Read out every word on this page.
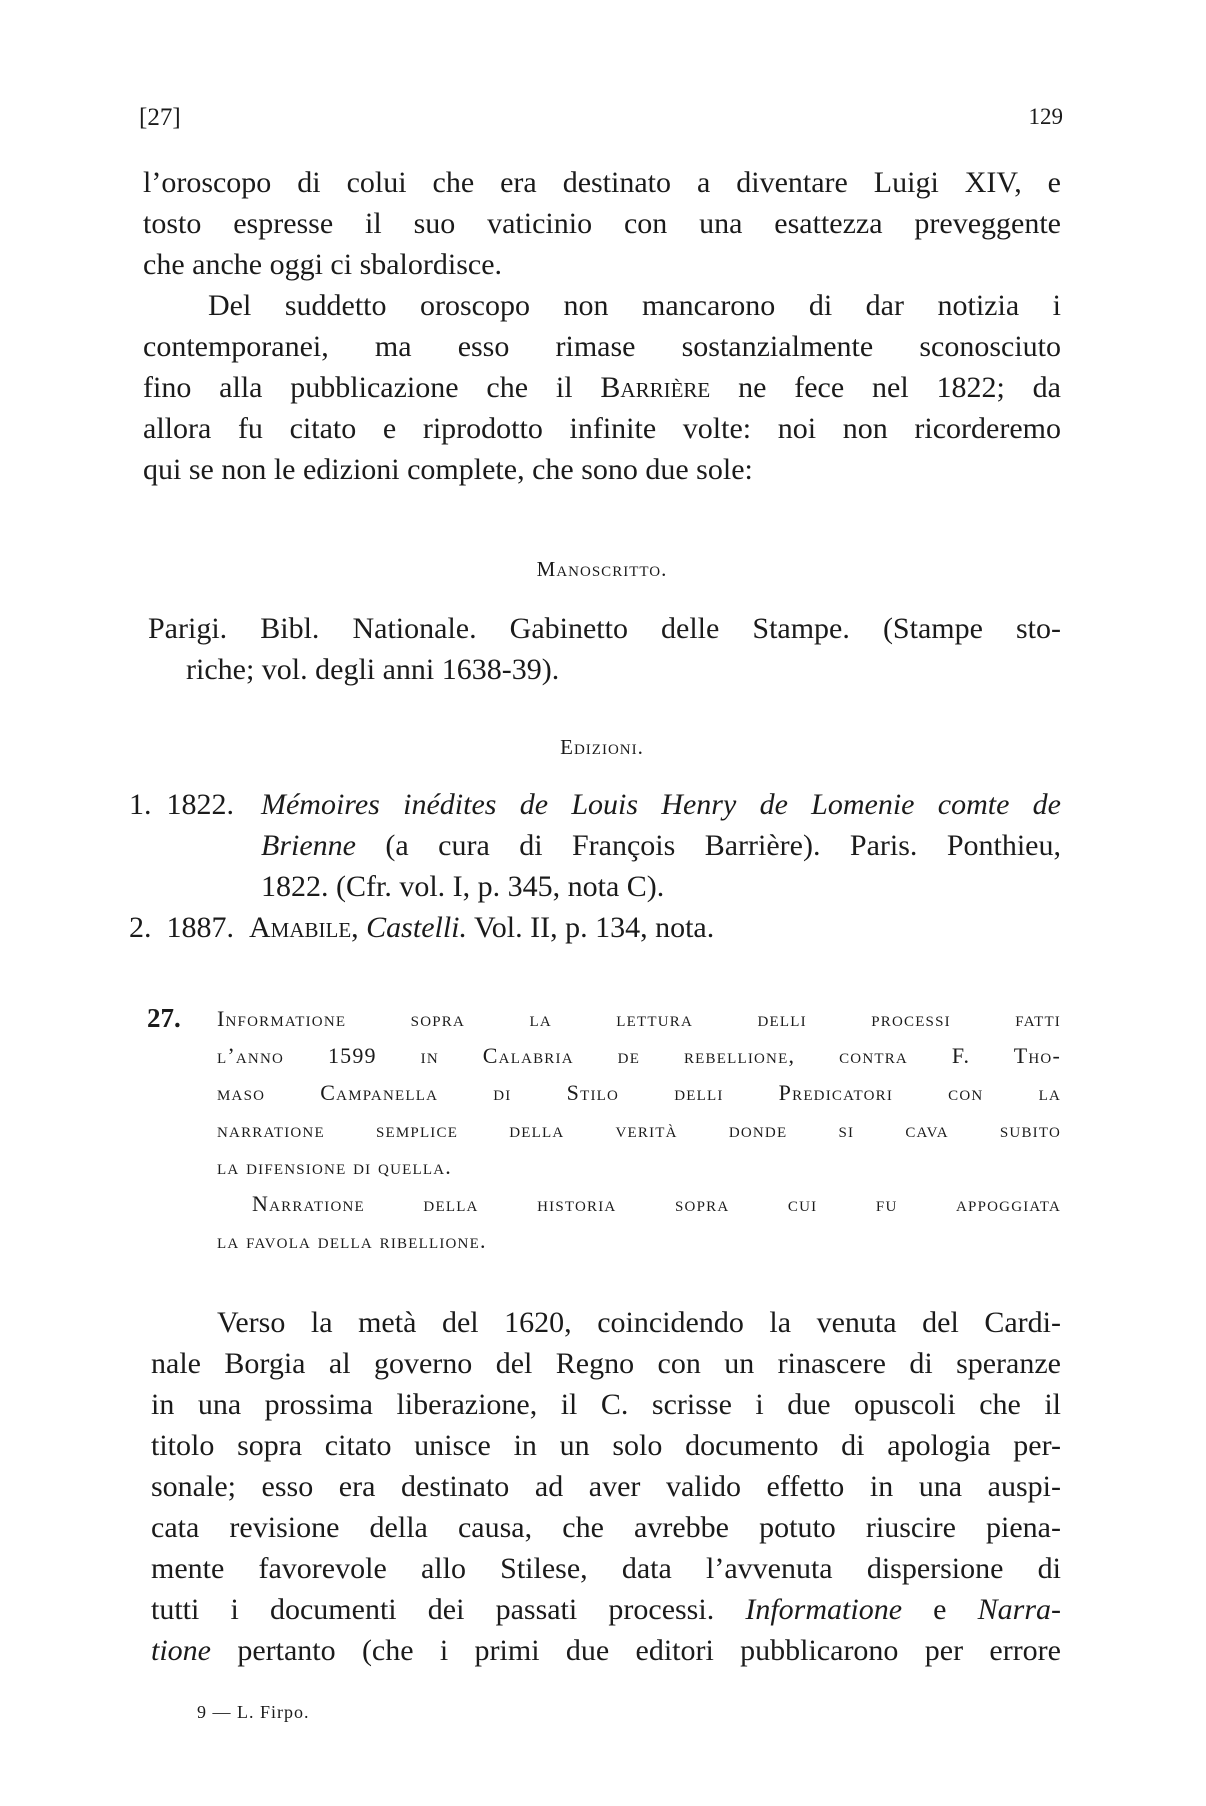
[27]	129
l’oroscopo di colui che era destinato a diventare Luigi XIV, e
tosto espresse il suo vaticinio con una esattezza preveggente
che anche oggi ci sbalordisce.
Del suddetto oroscopo non mancarono di dar notizia i
contemporanei, ma esso rimase sostanzialmente sconosciuto
fino alla pubblicazione che il Barrière ne fece nel 1822; da
allora fu citato e riprodotto infinite volte: noi non ricorderemo
qui se non le edizioni complete, che sono due sole:
Manoscritto.
Parigi. Bibl. Nationale. Gabinetto delle Stampe. (Stampe sto-
riche; vol. degli anni 1638-39).
Edizioni.
1. 1822. Mémoires inédites de Louis Henry de Lomenie comte de
Brienne (a cura di François Barrière). Paris. Ponthieu,
1822. (Cfr. vol. I, p. 345, nota C).
2. 1887. Amabile, Castelli. Vol. II, p. 134, nota.
27. Informatione sopra la lettura delli processi fatti
l’anno 1599 in Calabria de rebellione, contra F. Tho-
maso Campanella di Stilo delli Predicatori con la
narratione semplice della verità donde si cava subito
la difensione di quella.
Narratione della historia sopra cui fu appoggiata
la favola della ribellione.
Verso la metà del 1620, coincidendo la venuta del Cardi-
nale Borgia al governo del Regno con un rinascere di speranze
in una prossima liberazione, il C. scrisse i due opuscoli che il
titolo sopra citato unisce in un solo documento di apologia per-
sonale; esso era destinato ad aver valido effetto in una auspi-
cata revisione della causa, che avrebbe potuto riuscire piena-
mente favorevole allo Stilese, data l’avvenuta dispersione di
tutti i documenti dei passati processi. Informatione e Narra-
tione pertanto (che i primi due editori pubblicarono per errore
9 — L. Firpo.
